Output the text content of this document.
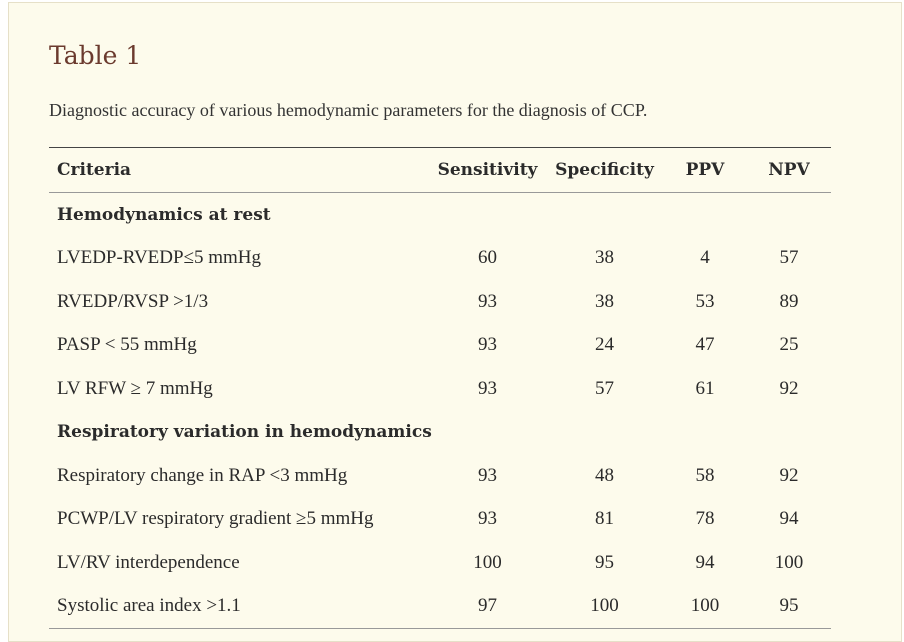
Table 1
Diagnostic accuracy of various hemodynamic parameters for the diagnosis of CCP.
Criteria	Sensitivity	Specificity	PPV	NPV
Hemodynamics at rest				
LVEDP-RVEDP≤5 mmHg	60	38	4	57
RVEDP/RVSP >1/3	93	38	53	89
PASP < 55 mmHg	93	24	47	25
LV RFW ≥ 7 mmHg	93	57	61	92
Respiratory variation in hemodynamics				
Respiratory change in RAP <3 mmHg	93	48	58	92
PCWP/LV respiratory gradient ≥5 mmHg	93	81	78	94
LV/RV interdependence	100	95	94	100
Systolic area index >1.1	97	100	100	95
